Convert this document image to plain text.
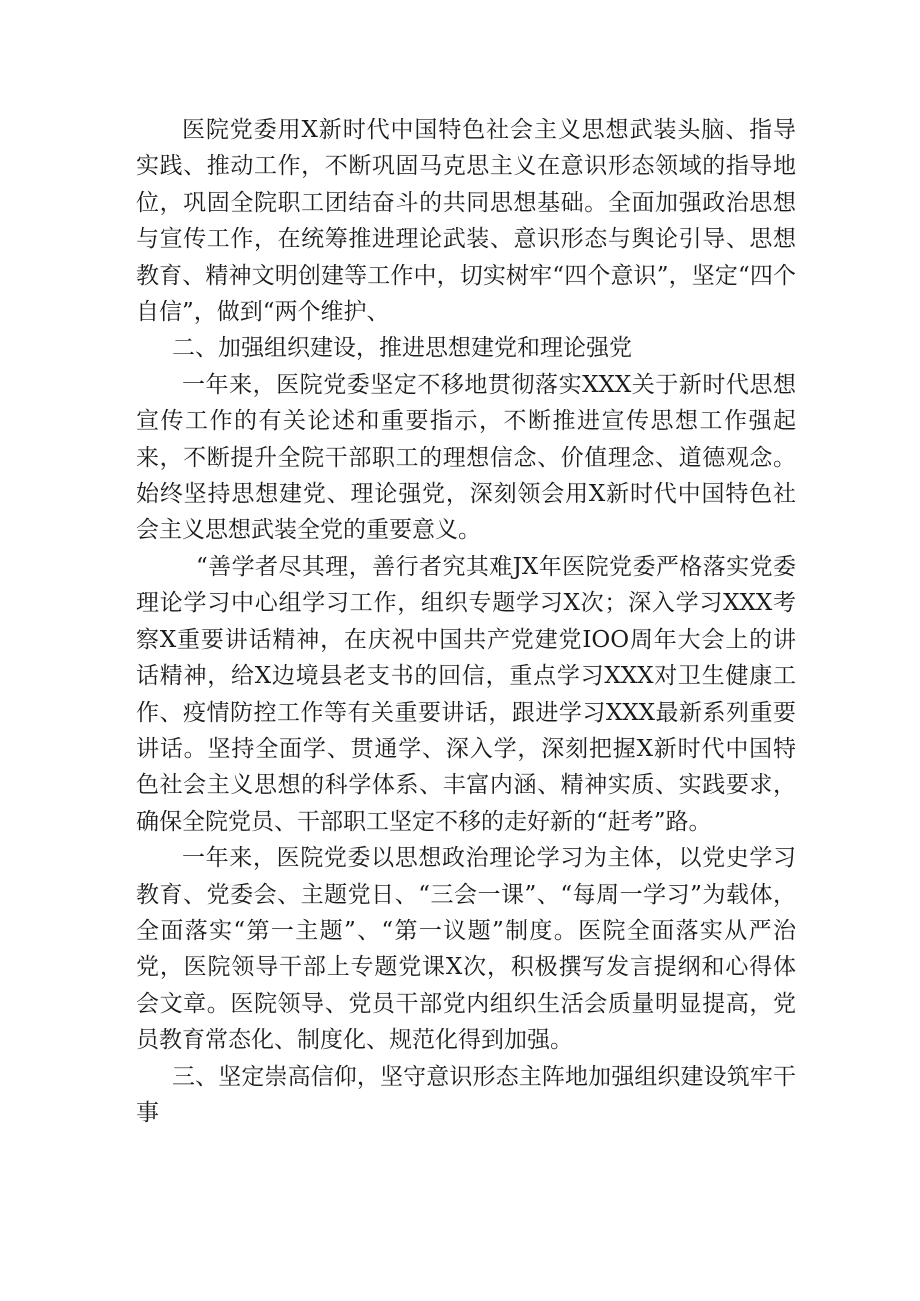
医院党委用X新时代中国特色社会主义思想武装头脑、指导实践、推动工作，不断巩固马克思主义在意识形态领域的指导地位，巩固全院职工团结奋斗的共同思想基础。全面加强政治思想与宣传工作，在统筹推进理论武装、意识形态与舆论引导、思想教育、精神文明创建等工作中，切实树牢“四个意识”，坚定“四个自信”，做到“两个维护、

二、加强组织建设，推进思想建党和理论强党

一年来，医院党委坚定不移地贯彻落实XXX关于新时代思想宣传工作的有关论述和重要指示，不断推进宣传思想工作强起来，不断提升全院干部职工的理想信念、价值理念、道德观念。始终坚持思想建党、理论强党，深刻领会用X新时代中国特色社会主义思想武装全党的重要意义。

“善学者尽其理，善行者究其难JX年医院党委严格落实党委理论学习中心组学习工作，组织专题学习X次；深入学习XXX考察X重要讲话精神，在庆祝中国共产党建党IOO周年大会上的讲话精神，给X边境县老支书的回信，重点学习XXX对卫生健康工作、疫情防控工作等有关重要讲话，跟进学习XXX最新系列重要讲话。坚持全面学、贯通学、深入学，深刻把握X新时代中国特色社会主义思想的科学体系、丰富内涵、精神实质、实践要求，确保全院党员、干部职工坚定不移的走好新的“赶考”路。

一年来，医院党委以思想政治理论学习为主体，以党史学习教育、党委会、主题党日、“三会一课”、“每周一学习”为载体，全面落实“第一主题”、“第一议题”制度。医院全面落实从严治党，医院领导干部上专题党课X次，积极撰写发言提纲和心得体会文章。医院领导、党员干部党内组织生活会质量明显提高，党员教育常态化、制度化、规范化得到加强。

三、坚定崇高信仰，坚守意识形态主阵地加强组织建设筑牢干事
